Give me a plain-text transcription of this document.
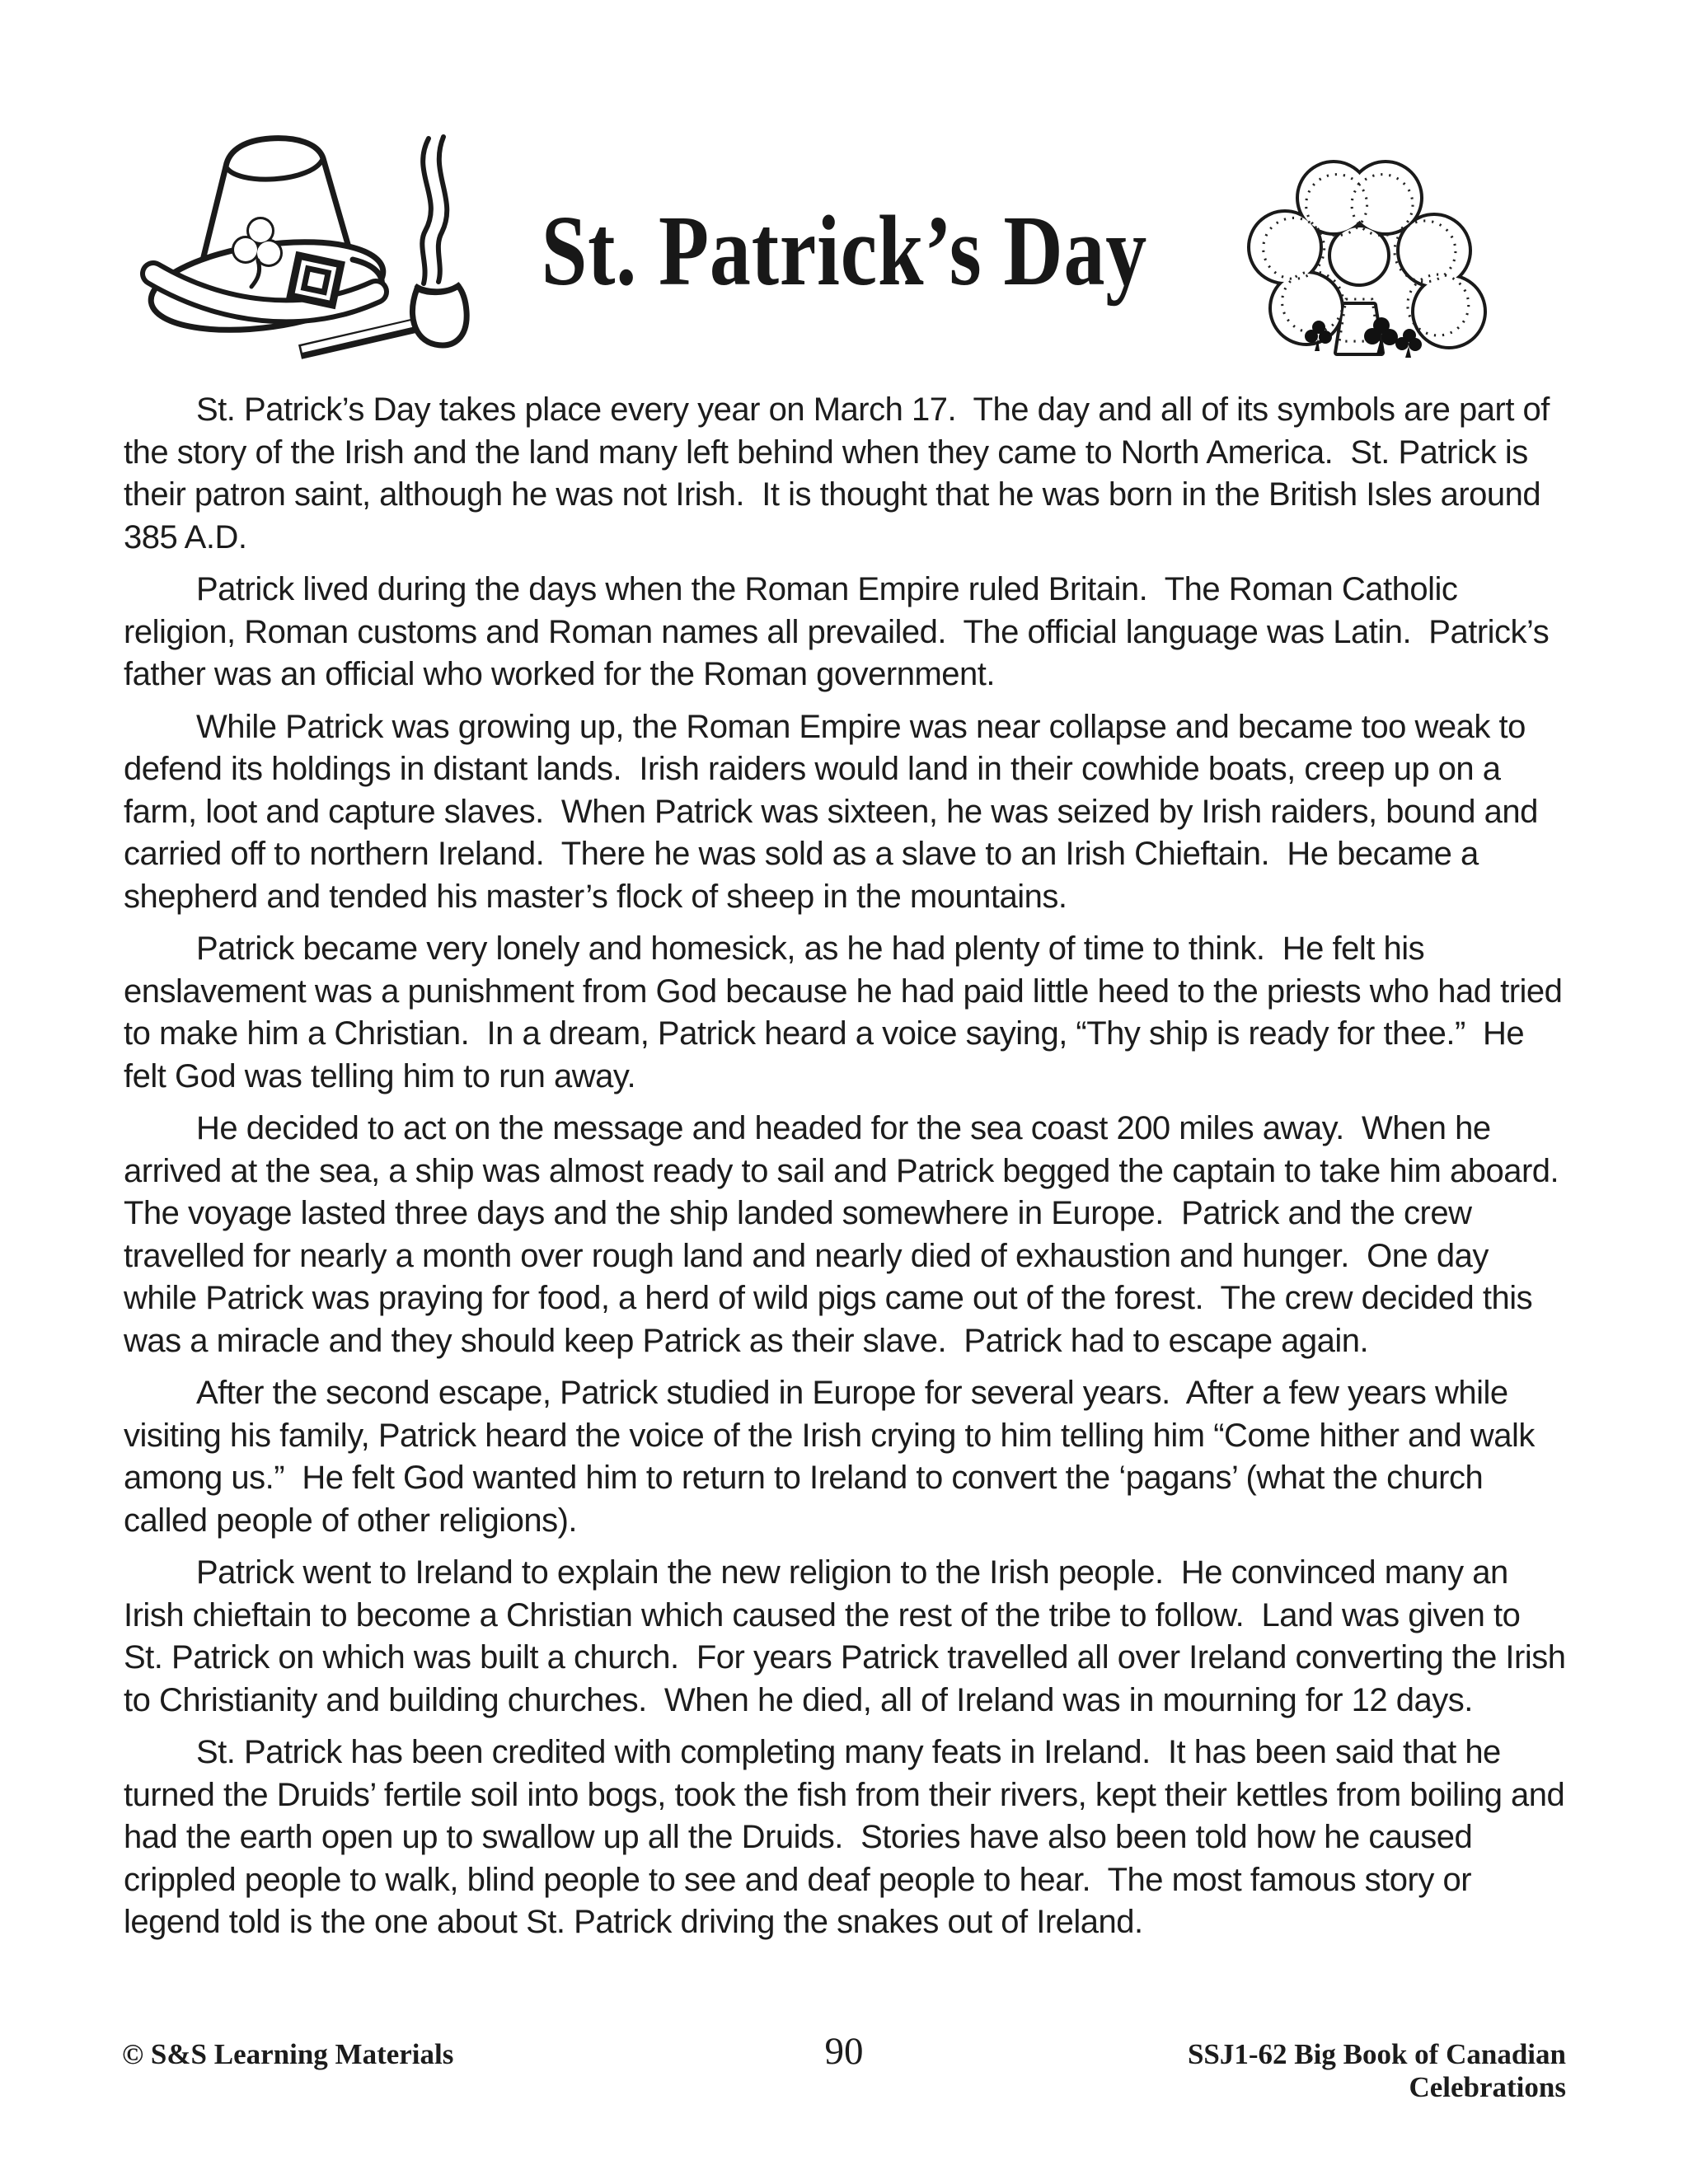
St. Patrick’s Day

St. Patrick’s Day takes place every year on March 17.  The day and all of its symbols are part of the story of the Irish and the land many left behind when they came to North America.  St. Patrick is their patron saint, although he was not Irish.  It is thought that he was born in the British Isles around 385 A.D.

Patrick lived during the days when the Roman Empire ruled Britain.  The Roman Catholic religion, Roman customs and Roman names all prevailed.  The official language was Latin.  Patrick’s father was an official who worked for the Roman government.

While Patrick was growing up, the Roman Empire was near collapse and became too weak to defend its holdings in distant lands.  Irish raiders would land in their cowhide boats, creep up on a farm, loot and capture slaves.  When Patrick was sixteen, he was seized by Irish raiders, bound and carried off to northern Ireland.  There he was sold as a slave to an Irish Chieftain.  He became a shepherd and tended his master’s flock of sheep in the mountains.

Patrick became very lonely and homesick, as he had plenty of time to think.  He felt his enslavement was a punishment from God because he had paid little heed to the priests who had tried to make him a Christian.  In a dream, Patrick heard a voice saying, “Thy ship is ready for thee.”  He felt God was telling him to run away.

He decided to act on the message and headed for the sea coast 200 miles away.  When he arrived at the sea, a ship was almost ready to sail and Patrick begged the captain to take him aboard.  The voyage lasted three days and the ship landed somewhere in Europe.  Patrick and the crew travelled for nearly a month over rough land and nearly died of exhaustion and hunger.  One day while Patrick was praying for food, a herd of wild pigs came out of the forest.  The crew decided this was a miracle and they should keep Patrick as their slave.  Patrick had to escape again.

After the second escape, Patrick studied in Europe for several years.  After a few years while visiting his family, Patrick heard the voice of the Irish crying to him telling him “Come hither and walk among us.”  He felt God wanted him to return to Ireland to convert the ‘pagans’ (what the church called people of other religions).

Patrick went to Ireland to explain the new religion to the Irish people.  He convinced many an Irish chieftain to become a Christian which caused the rest of the tribe to follow.  Land was given to St. Patrick on which was built a church.  For years Patrick travelled all over Ireland converting the Irish to Christianity and building churches.  When he died, all of Ireland was in mourning for 12 days.

St. Patrick has been credited with completing many feats in Ireland.  It has been said that he turned the Druids’ fertile soil into bogs, took the fish from their rivers, kept their kettles from boiling and had the earth open up to swallow up all the Druids.  Stories have also been told how he caused crippled people to walk, blind people to see and deaf people to hear.  The most famous story or legend told is the one about St. Patrick driving the snakes out of Ireland.

© S&S Learning Materials	90	SSJ1-62 Big Book of Canadian Celebrations
